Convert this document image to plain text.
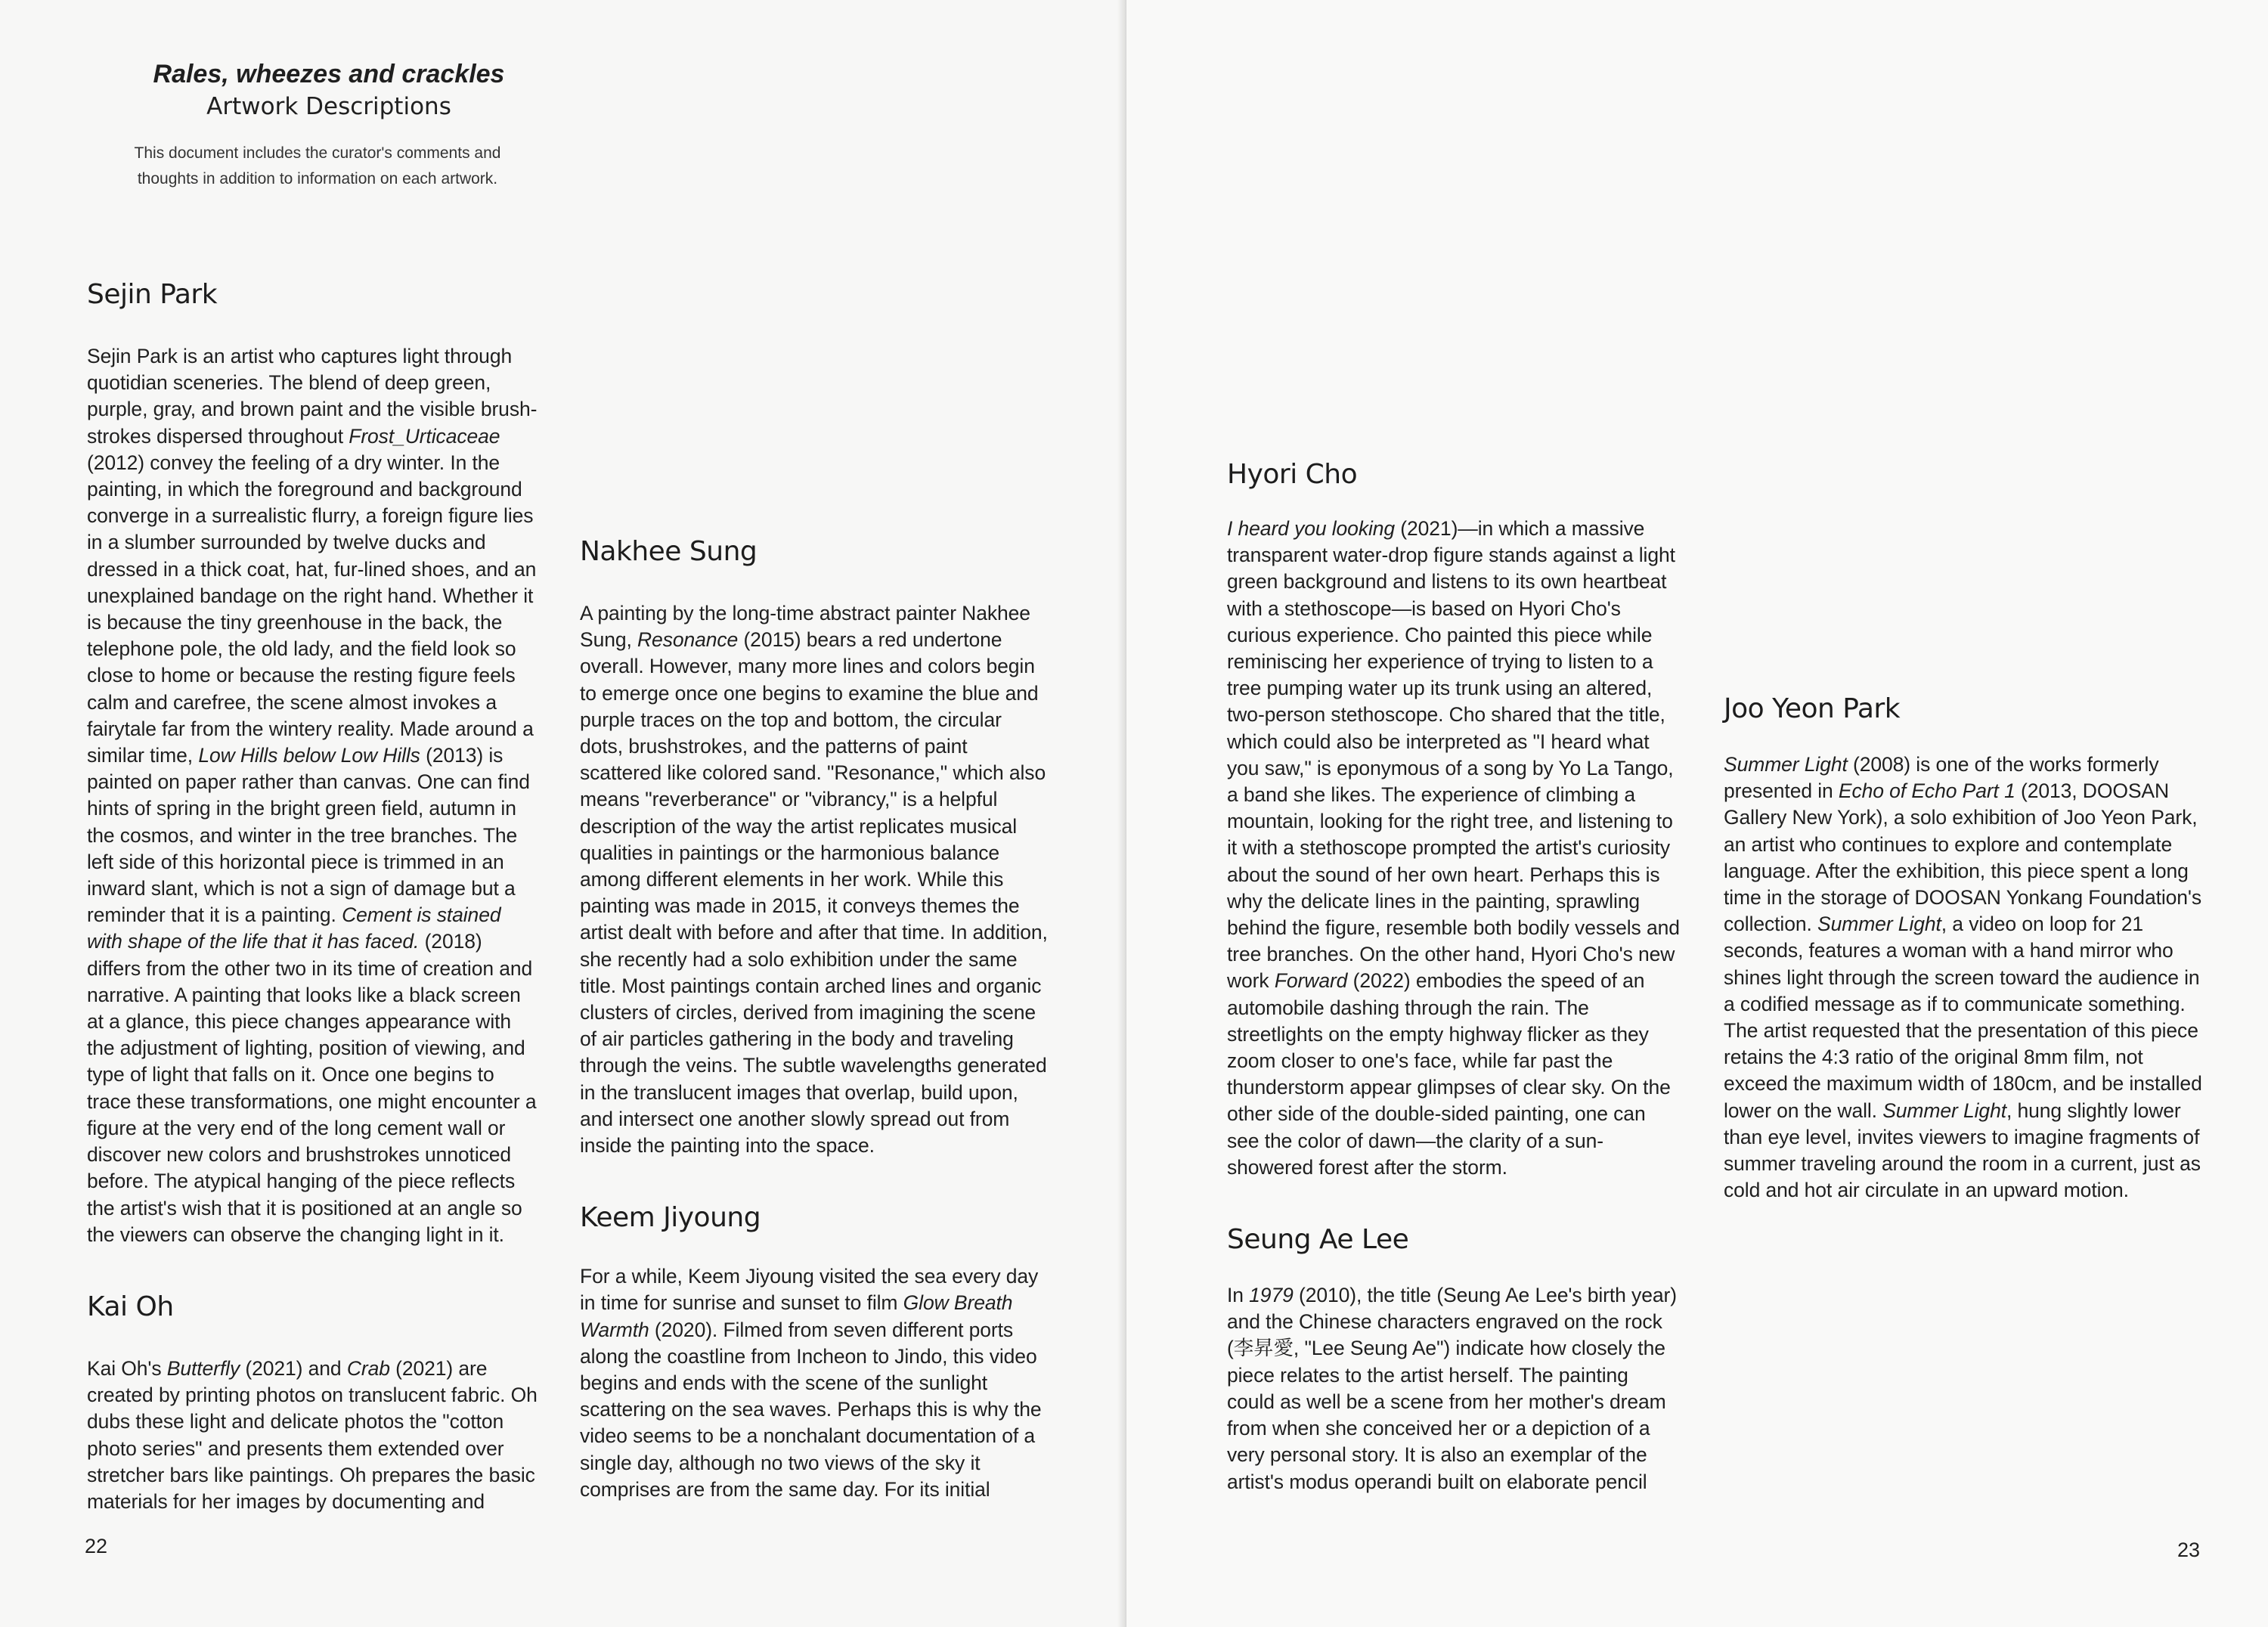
Rales, wheezes and crackles
Artwork Descriptions
This document includes the curator's comments and thoughts in addition to information on each artwork.
Sejin Park

Sejin Park is an artist who captures light through quotidian sceneries. The blend of deep green, purple, gray, and brown paint and the visible brush-strokes dispersed throughout Frost_Urticaceae (2012) convey the feeling of a dry winter. In the painting, in which the foreground and background converge in a surrealistic flurry, a foreign figure lies in a slumber surrounded by twelve ducks and dressed in a thick coat, hat, fur-lined shoes, and an unexplained bandage on the right hand. Whether it is because the tiny greenhouse in the back, the telephone pole, the old lady, and the field look so close to home or because the resting figure feels calm and carefree, the scene almost invokes a fairytale far from the wintery reality. Made around a similar time, Low Hills below Low Hills (2013) is painted on paper rather than canvas. One can find hints of spring in the bright green field, autumn in the cosmos, and winter in the tree branches. The left side of this horizontal piece is trimmed in an inward slant, which is not a sign of damage but a reminder that it is a painting. Cement is stained with shape of the life that it has faced. (2018) differs from the other two in its time of creation and narrative. A painting that looks like a black screen at a glance, this piece changes appearance with the adjustment of lighting, position of viewing, and type of light that falls on it. Once one begins to trace these transformations, one might encounter a figure at the very end of the long cement wall or discover new colors and brushstrokes unnoticed before. The atypical hanging of the piece reflects the artist's wish that it is positioned at an angle so the viewers can observe the changing light in it.

Kai Oh

Kai Oh's Butterfly (2021) and Crab (2021) are created by printing photos on translucent fabric. Oh dubs these light and delicate photos the "cotton photo series" and presents them extended over stretcher bars like paintings. Oh prepares the basic materials for her images by documenting and

Nakhee Sung

A painting by the long-time abstract painter Nakhee Sung, Resonance (2015) bears a red undertone overall. However, many more lines and colors begin to emerge once one begins to examine the blue and purple traces on the top and bottom, the circular dots, brushstrokes, and the patterns of paint scattered like colored sand. "Resonance," which also means "reverberance" or "vibrancy," is a helpful description of the way the artist replicates musical qualities in paintings or the harmonious balance among different elements in her work. While this painting was made in 2015, it conveys themes the artist dealt with before and after that time. In addition, she recently had a solo exhibition under the same title. Most paintings contain arched lines and organic clusters of circles, derived from imagining the scene of air particles gathering in the body and traveling through the veins. The subtle wavelengths generated in the translucent images that overlap, build upon, and intersect one another slowly spread out from inside the painting into the space.

Keem Jiyoung

For a while, Keem Jiyoung visited the sea every day in time for sunrise and sunset to film Glow Breath Warmth (2020). Filmed from seven different ports along the coastline from Incheon to Jindo, this video begins and ends with the scene of the sunlight scattering on the sea waves. Perhaps this is why the video seems to be a nonchalant documentation of a single day, although no two views of the sky it comprises are from the same day. For its initial

22

Hyori Cho

I heard you looking (2021)—in which a massive transparent water-drop figure stands against a light green background and listens to its own heartbeat with a stethoscope—is based on Hyori Cho's curious experience. Cho painted this piece while reminiscing her experience of trying to listen to a tree pumping water up its trunk using an altered, two-person stethoscope. Cho shared that the title, which could also be interpreted as "I heard what you saw," is eponymous of a song by Yo La Tango, a band she likes. The experience of climbing a mountain, looking for the right tree, and listening to it with a stethoscope prompted the artist's curiosity about the sound of her own heart. Perhaps this is why the delicate lines in the painting, sprawling behind the figure, resemble both bodily vessels and tree branches. On the other hand, Hyori Cho's new work Forward (2022) embodies the speed of an automobile dashing through the rain. The streetlights on the empty highway flicker as they zoom closer to one's face, while far past the thunderstorm appear glimpses of clear sky. On the other side of the double-sided painting, one can see the color of dawn—the clarity of a sun-showered forest after the storm.

Seung Ae Lee

In 1979 (2010), the title (Seung Ae Lee's birth year) and the Chinese characters engraved on the rock (李昇愛, "Lee Seung Ae") indicate how closely the piece relates to the artist herself. The painting could as well be a scene from her mother's dream from when she conceived her or a depiction of a very personal story. It is also an exemplar of the artist's modus operandi built on elaborate pencil

Joo Yeon Park

Summer Light (2008) is one of the works formerly presented in Echo of Echo Part 1 (2013, DOOSAN Gallery New York), a solo exhibition of Joo Yeon Park, an artist who continues to explore and contemplate language. After the exhibition, this piece spent a long time in the storage of DOOSAN Yonkang Foundation's collection. Summer Light, a video on loop for 21 seconds, features a woman with a hand mirror who shines light through the screen toward the audience in a codified message as if to communicate something. The artist requested that the presentation of this piece retains the 4:3 ratio of the original 8mm film, not exceed the maximum width of 180cm, and be installed lower on the wall. Summer Light, hung slightly lower than eye level, invites viewers to imagine fragments of summer traveling around the room in a current, just as cold and hot air circulate in an upward motion.

23
